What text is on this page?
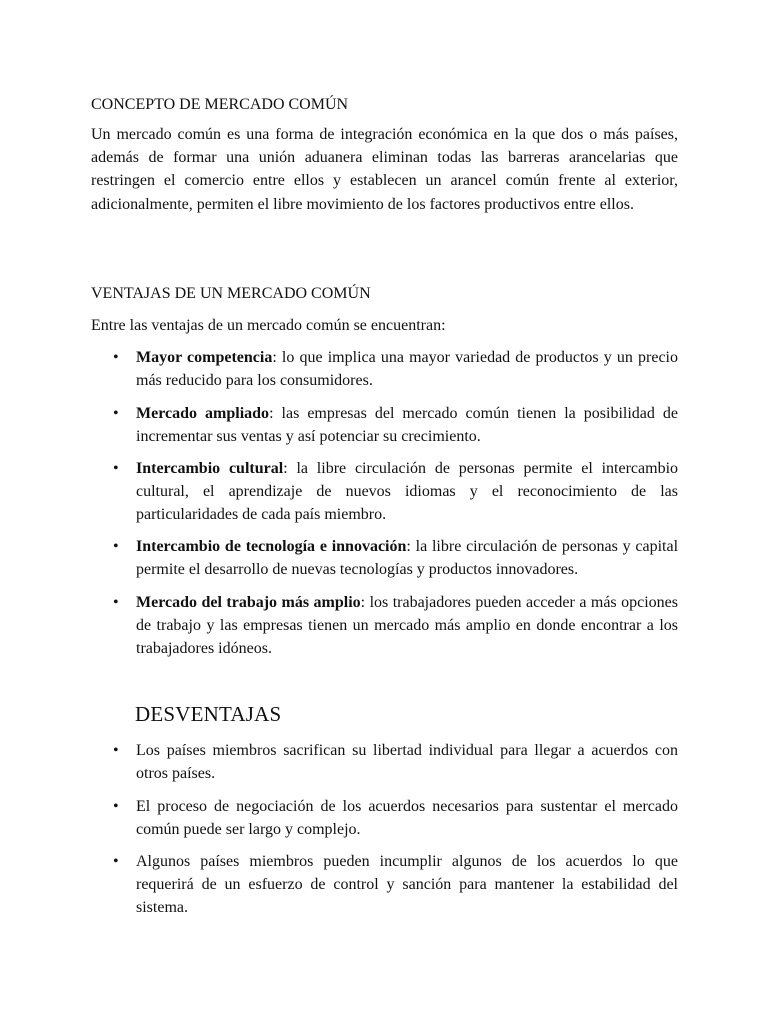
CONCEPTO DE MERCADO COMÚN
Un mercado común es una forma de integración económica en la que dos o más países, además de formar una unión aduanera eliminan todas las barreras arancelarias que restringen el comercio entre ellos y establecen un arancel común frente al exterior, adicionalmente, permiten el libre movimiento de los factores productivos entre ellos.
VENTAJAS DE UN MERCADO COMÚN
Entre las ventajas de un mercado común se encuentran:
• Mayor competencia: lo que implica una mayor variedad de productos y un precio más reducido para los consumidores.
• Mercado ampliado: las empresas del mercado común tienen la posibilidad de incrementar sus ventas y así potenciar su crecimiento.
• Intercambio cultural: la libre circulación de personas permite el intercambio cultural, el aprendizaje de nuevos idiomas y el reconocimiento de las particularidades de cada país miembro.
• Intercambio de tecnología e innovación: la libre circulación de personas y capital permite el desarrollo de nuevas tecnologías y productos innovadores.
• Mercado del trabajo más amplio: los trabajadores pueden acceder a más opciones de trabajo y las empresas tienen un mercado más amplio en donde encontrar a los trabajadores idóneos.
DESVENTAJAS
• Los países miembros sacrifican su libertad individual para llegar a acuerdos con otros países.
• El proceso de negociación de los acuerdos necesarios para sustentar el mercado común puede ser largo y complejo.
• Algunos países miembros pueden incumplir algunos de los acuerdos lo que requerirá de un esfuerzo de control y sanción para mantener la estabilidad del sistema.
